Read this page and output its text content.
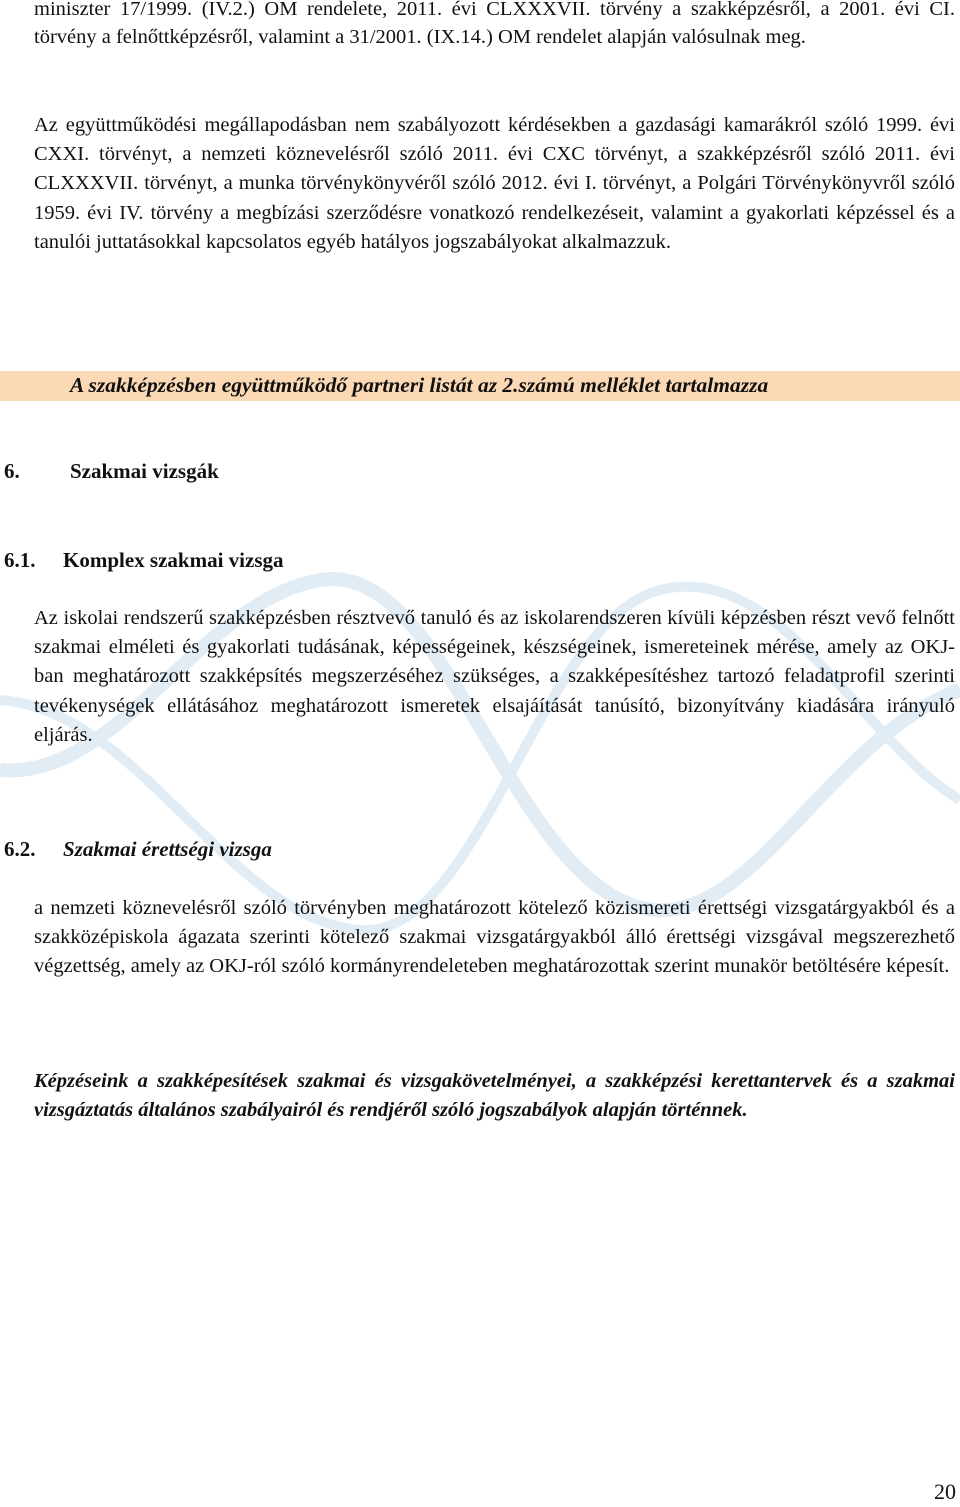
miniszter 17/1999. (IV.2.) OM rendelete, 2011. évi CLXXXVII. törvény a szakképzésről, a 2001. évi CI. törvény a felnőttképzésről, valamint a 31/2001. (IX.14.) OM rendelet alapján valósulnak meg.
Az együttműködési megállapodásban nem szabályozott kérdésekben a gazdasági kamarákról szóló 1999. évi CXXI. törvényt, a nemzeti köznevelésről szóló 2011. évi CXC törvényt, a szakképzésről szóló 2011. évi CLXXXVII. törvényt, a munka törvénykönyvéről szóló 2012. évi I. törvényt, a Polgári Törvénykönyvről szóló 1959. évi IV. törvény a megbízási szerződésre vonatkozó rendelkezéseit, valamint a gyakorlati képzéssel és a tanulói juttatásokkal kapcsolatos egyéb hatályos jogszabályokat alkalmazzuk.
A szakképzésben együttműködő partneri listát az 2.számú melléklet tartalmazza
6. Szakmai vizsgák
6.1. Komplex szakmai vizsga
Az iskolai rendszerű szakképzésben résztvevő tanuló és az iskolarendszeren kívüli képzésben részt vevő felnőtt szakmai elméleti és gyakorlati tudásának, képességeinek, készségeinek, ismereteinek mérése, amely az OKJ-ban meghatározott szakképsítés megszerzéséhez szükséges, a szakképesítéshez tartozó feladatprofil szerinti tevékenységek ellátásához meghatározott ismeretek elsajáítását tanúsító, bizonyítvány kiadására irányuló eljárás.
6.2. Szakmai érettségi vizsga
a nemzeti köznevelésről szóló törvényben meghatározott kötelező közismereti érettségi vizsgatárgyakból és a szakközépiskola ágazata szerinti kötelező szakmai vizsgatárgyakból álló érettségi vizsgával megszerezhető végzettség, amely az OKJ-ról szóló kormányrendeleteben meghatározottak szerint munakör betöltésére képesít.
Képzéseink a szakképesítések szakmai és vizsgakövetelményei, a szakképzési kerettantervek és a szakmai vizsgáztatás általános szabályairól és rendjéről szóló jogszabályok alapján történnek.
20
